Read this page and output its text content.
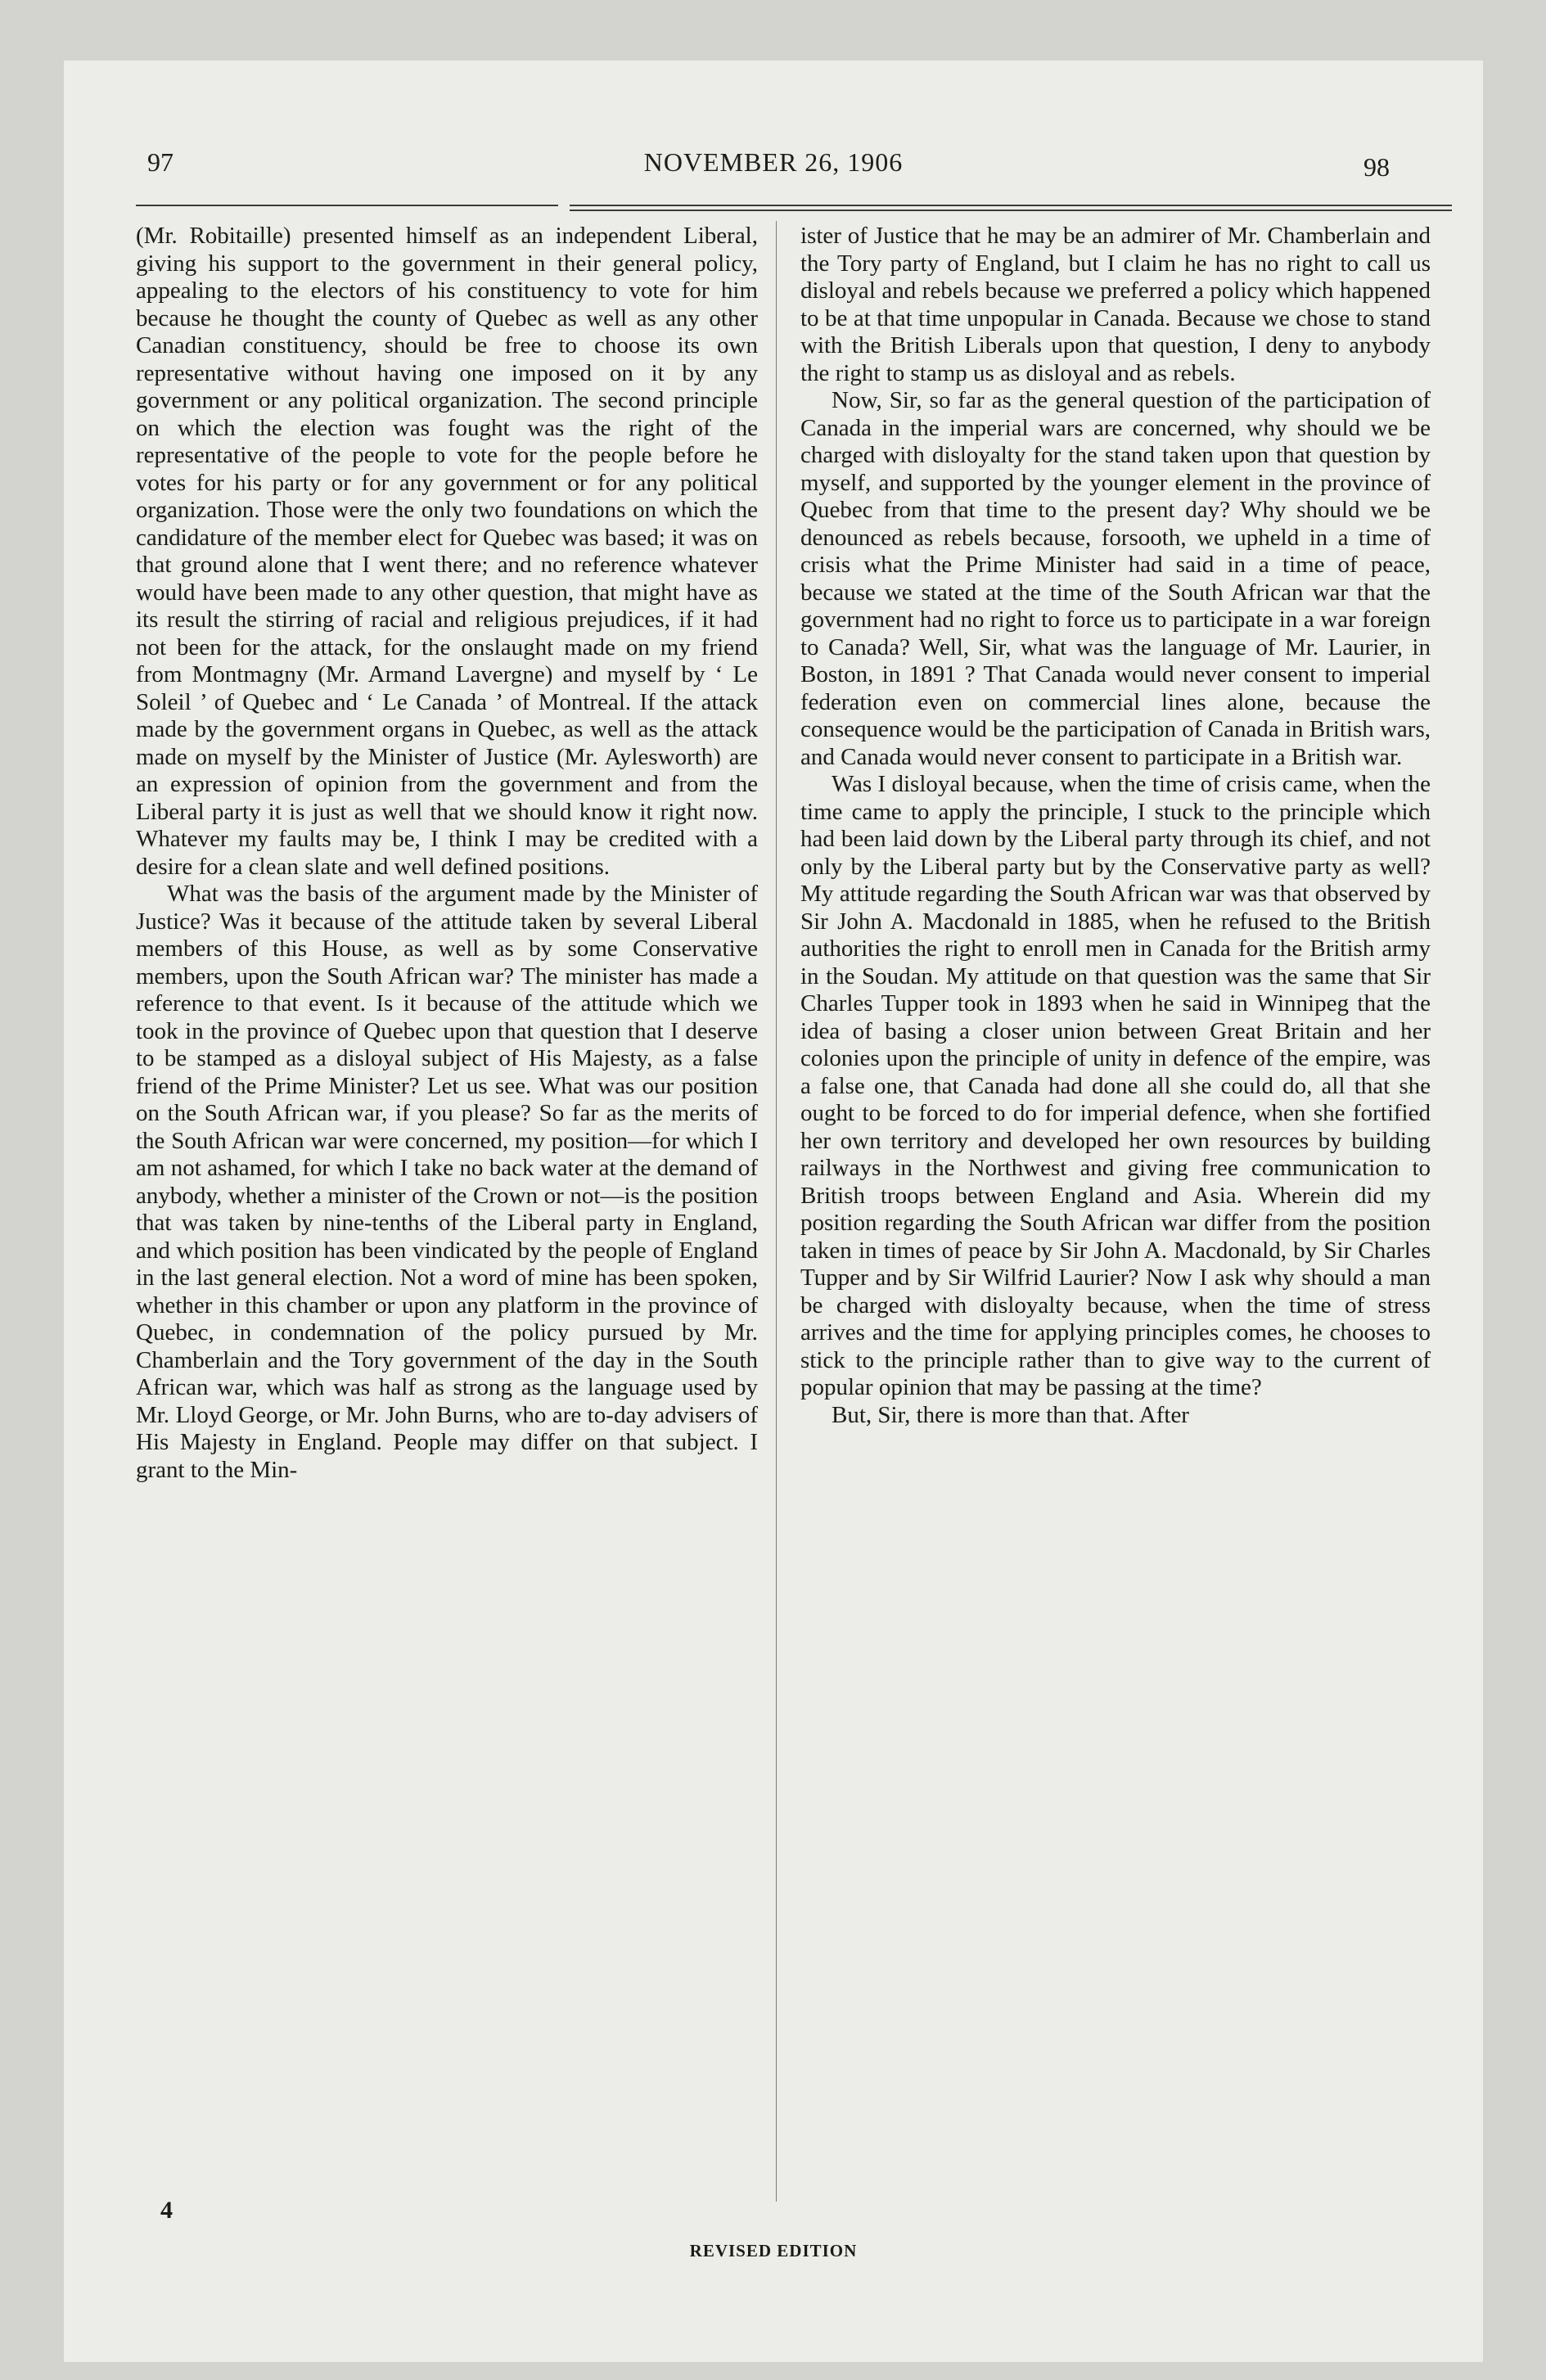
97	NOVEMBER 26, 1906	98

(Mr. Robitaille) presented himself as an independent Liberal, giving his support to the government in their general policy, appealing to the electors of his constituency to vote for him because he thought the county of Quebec as well as any other Canadian constituency, should be free to choose its own representative without having one imposed on it by any government or any political organization. The second principle on which the election was fought was the right of the representative of the people to vote for the people before he votes for his party or for any government or for any political organization. Those were the only two foundations on which the candidature of the member elect for Quebec was based; it was on that ground alone that I went there; and no reference whatever would have been made to any other question, that might have as its result the stirring of racial and religious prejudices, if it had not been for the attack, for the onslaught made on my friend from Montmagny (Mr. Armand Lavergne) and myself by ‘ Le Soleil ’ of Quebec and ‘ Le Canada ’ of Montreal. If the attack made by the government organs in Quebec, as well as the attack made on myself by the Minister of Justice (Mr. Aylesworth) are an expression of opinion from the government and from the Liberal party it is just as well that we should know it right now. Whatever my faults may be, I think I may be credited with a desire for a clean slate and well defined positions.

What was the basis of the argument made by the Minister of Justice? Was it because of the attitude taken by several Liberal members of this House, as well as by some Conservative members, upon the South African war? The minister has made a reference to that event. Is it because of the attitude which we took in the province of Quebec upon that question that I deserve to be stamped as a disloyal subject of His Majesty, as a false friend of the Prime Minister? Let us see. What was our position on the South African war, if you please? So far as the merits of the South African war were concerned, my position—for which I am not ashamed, for which I take no back water at the demand of anybody, whether a minister of the Crown or not—is the position that was taken by nine-tenths of the Liberal party in England, and which position has been vindicated by the people of England in the last general election. Not a word of mine has been spoken, whether in this chamber or upon any platform in the province of Quebec, in condemnation of the policy pursued by Mr. Chamberlain and the Tory government of the day in the South African war, which was half as strong as the language used by Mr. Lloyd George, or Mr. John Burns, who are to-day advisers of His Majesty in England. People may differ on that subject. I grant to the Min-

ister of Justice that he may be an admirer of Mr. Chamberlain and the Tory party of England, but I claim he has no right to call us disloyal and rebels because we preferred a policy which happened to be at that time unpopular in Canada. Because we chose to stand with the British Liberals upon that question, I deny to anybody the right to stamp us as disloyal and as rebels.

Now, Sir, so far as the general question of the participation of Canada in the imperial wars are concerned, why should we be charged with disloyalty for the stand taken upon that question by myself, and supported by the younger element in the province of Quebec from that time to the present day? Why should we be denounced as rebels because, forsooth, we upheld in a time of crisis what the Prime Minister had said in a time of peace, because we stated at the time of the South African war that the government had no right to force us to participate in a war foreign to Canada? Well, Sir, what was the language of Mr. Laurier, in Boston, in 1891 ? That Canada would never consent to imperial federation even on commercial lines alone, because the consequence would be the participation of Canada in British wars, and Canada would never consent to participate in a British war.

Was I disloyal because, when the time of crisis came, when the time came to apply the principle, I stuck to the principle which had been laid down by the Liberal party through its chief, and not only by the Liberal party but by the Conservative party as well? My attitude regarding the South African war was that observed by Sir John A. Macdonald in 1885, when he refused to the British authorities the right to enroll men in Canada for the British army in the Soudan. My attitude on that question was the same that Sir Charles Tupper took in 1893 when he said in Winnipeg that the idea of basing a closer union between Great Britain and her colonies upon the principle of unity in defence of the empire, was a false one, that Canada had done all she could do, all that she ought to be forced to do for imperial defence, when she fortified her own territory and developed her own resources by building railways in the Northwest and giving free communication to British troops between England and Asia. Wherein did my position regarding the South African war differ from the position taken in times of peace by Sir John A. Macdonald, by Sir Charles Tupper and by Sir Wilfrid Laurier? Now I ask why should a man be charged with disloyalty because, when the time of stress arrives and the time for applying principles comes, he chooses to stick to the principle rather than to give way to the current of popular opinion that may be passing at the time?

But, Sir, there is more than that. After

4
REVISED EDITION
